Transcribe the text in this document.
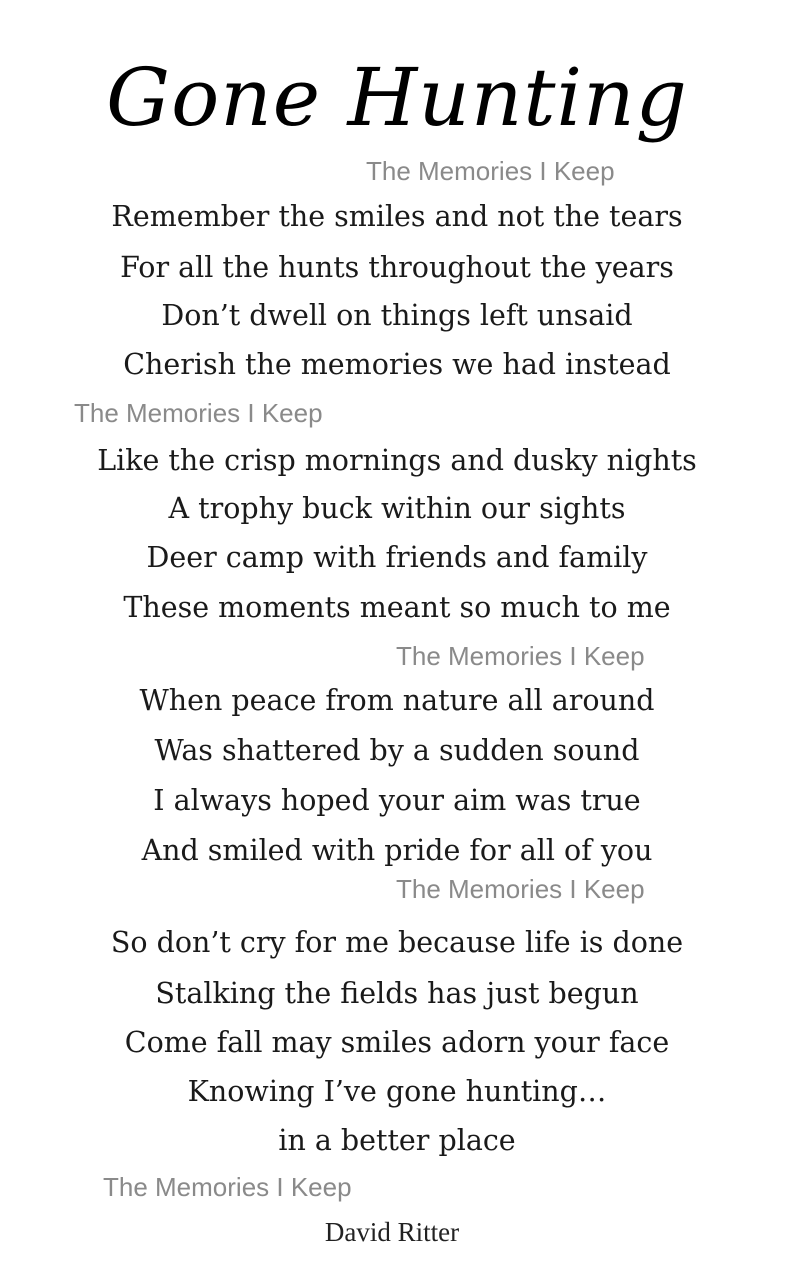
Gone Hunting
The Memories I Keep
Remember the smiles and not the tears
For all the hunts throughout the years
Don’t dwell on things left unsaid
Cherish the memories we had instead
The Memories I Keep
Like the crisp mornings and dusky nights
A trophy buck within our sights
Deer camp with friends and family
These moments meant so much to me
The Memories I Keep
When peace from nature all around
Was shattered by a sudden sound
I always hoped your aim was true
And smiled with pride for all of you
The Memories I Keep
So don’t cry for me because life is done
Stalking the fields has just begun
Come fall may smiles adorn your face
Knowing I’ve gone hunting…
in a better place
The Memories I Keep
David Ritter
